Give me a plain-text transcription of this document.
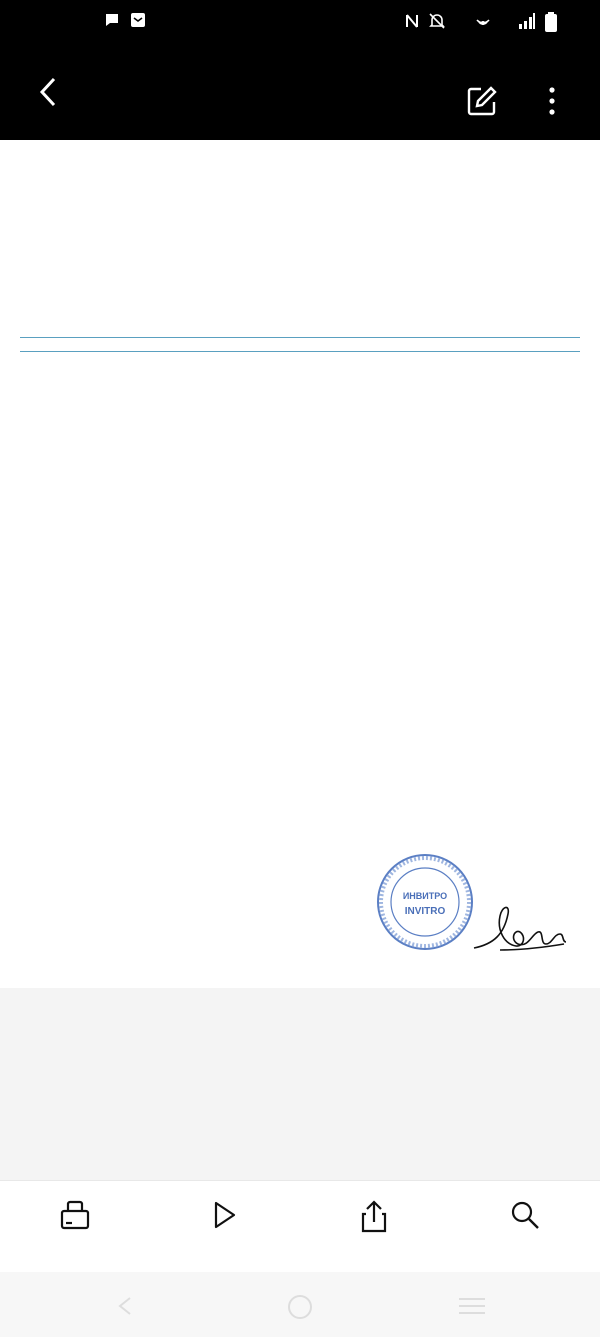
ИНВИТРО
INVITRO
